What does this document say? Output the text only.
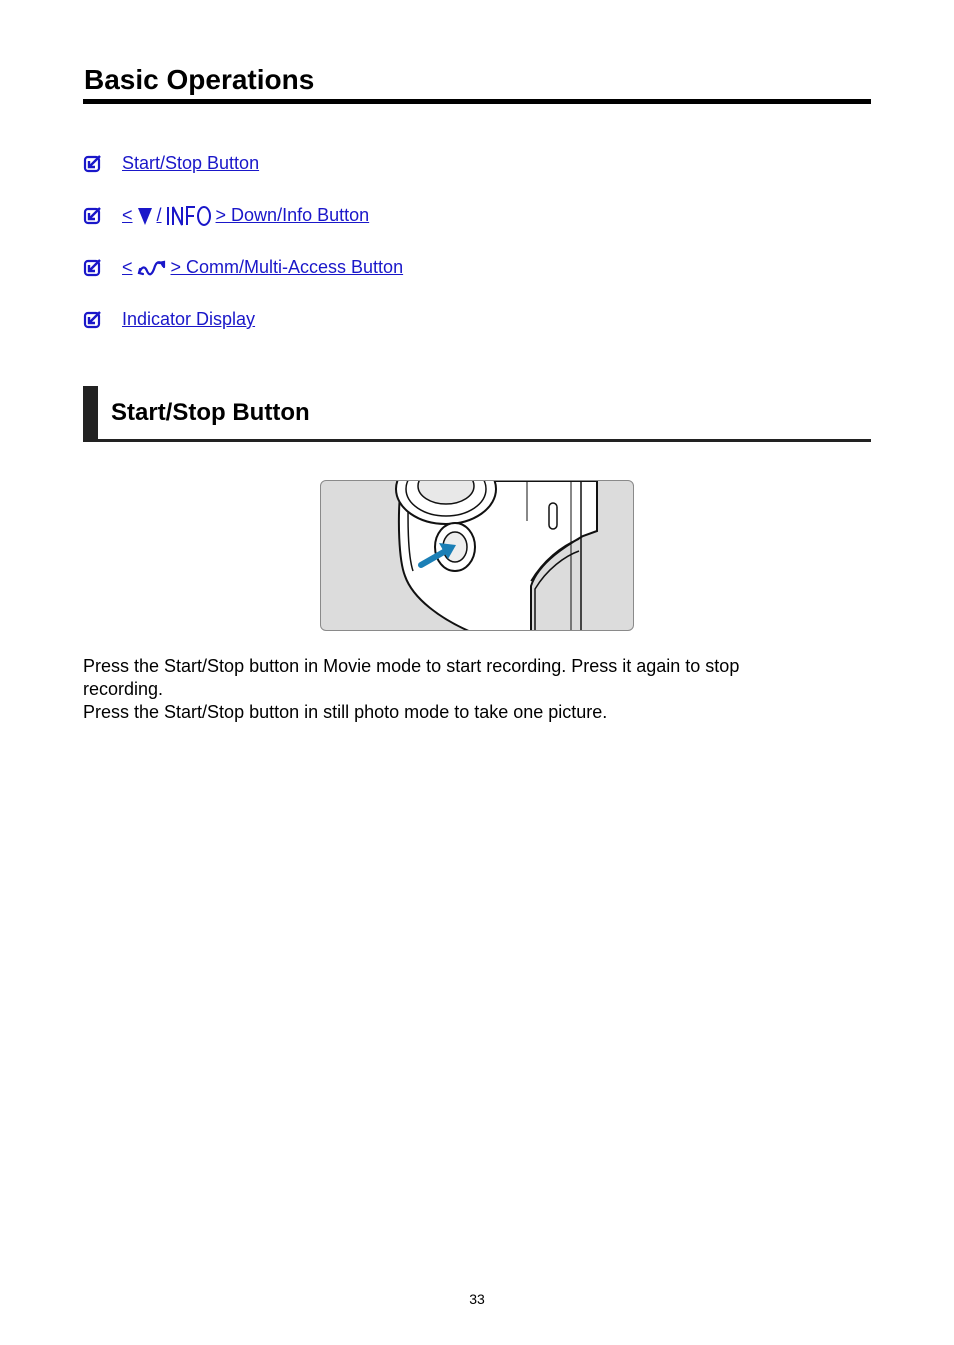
Basic Operations
Start/Stop Button
< /	> Down/Info Button
< > Comm/Multi-Access Button
Indicator Display
Start/Stop Button

Press the Start/Stop button in Movie mode to start recording. Press it again to stop recording.

Press the Start/Stop button in still photo mode to take one picture.

33
